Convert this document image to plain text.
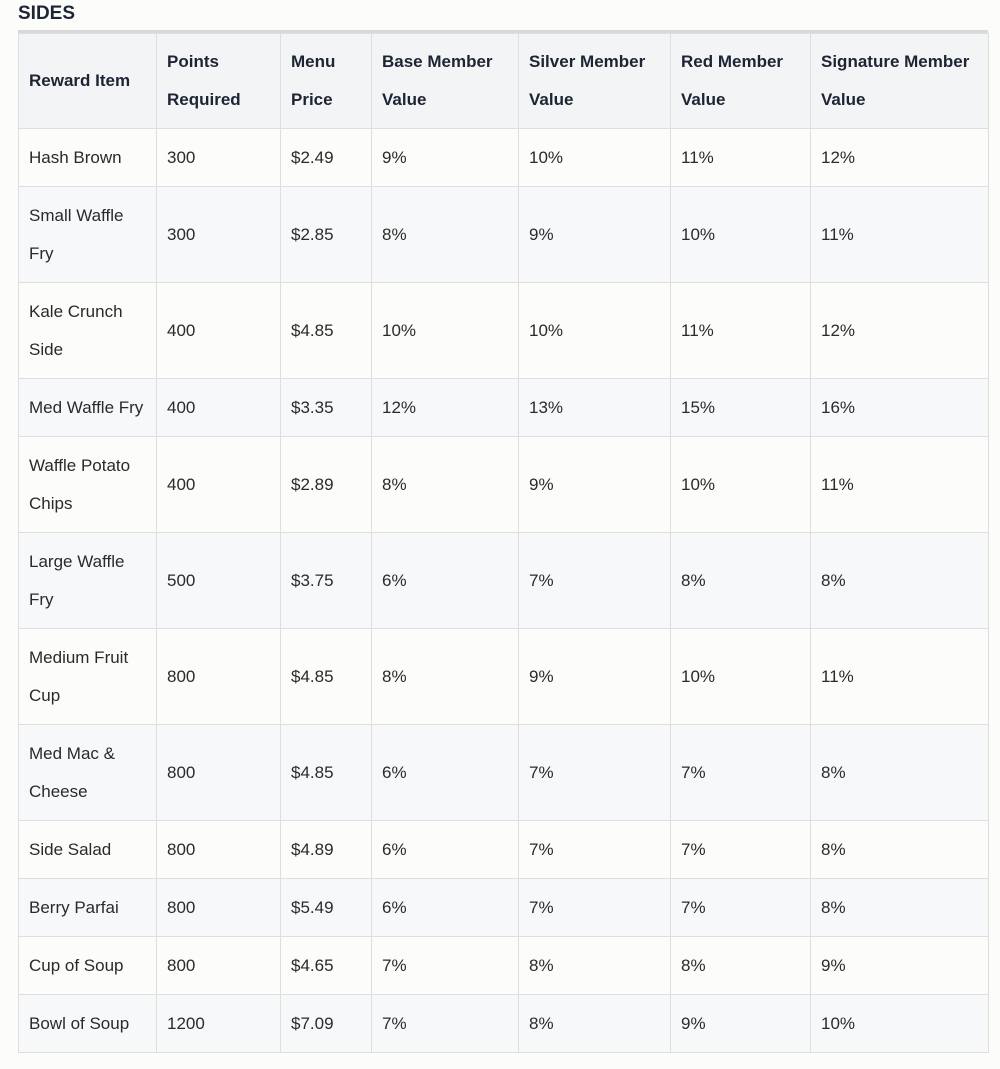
SIDES
Reward Item	Points Required	Menu Price	Base Member Value	Silver Member Value	Red Member Value	Signature Member Value
Hash Brown	300	$2.49	9%	10%	11%	12%
Small Waffle Fry	300	$2.85	8%	9%	10%	11%
Kale Crunch Side	400	$4.85	10%	10%	11%	12%
Med Waffle Fry	400	$3.35	12%	13%	15%	16%
Waffle Potato Chips	400	$2.89	8%	9%	10%	11%
Large Waffle Fry	500	$3.75	6%	7%	8%	8%
Medium Fruit Cup	800	$4.85	8%	9%	10%	11%
Med Mac & Cheese	800	$4.85	6%	7%	7%	8%
Side Salad	800	$4.89	6%	7%	7%	8%
Berry Parfai	800	$5.49	6%	7%	7%	8%
Cup of Soup	800	$4.65	7%	8%	8%	9%
Bowl of Soup	1200	$7.09	7%	8%	9%	10%
